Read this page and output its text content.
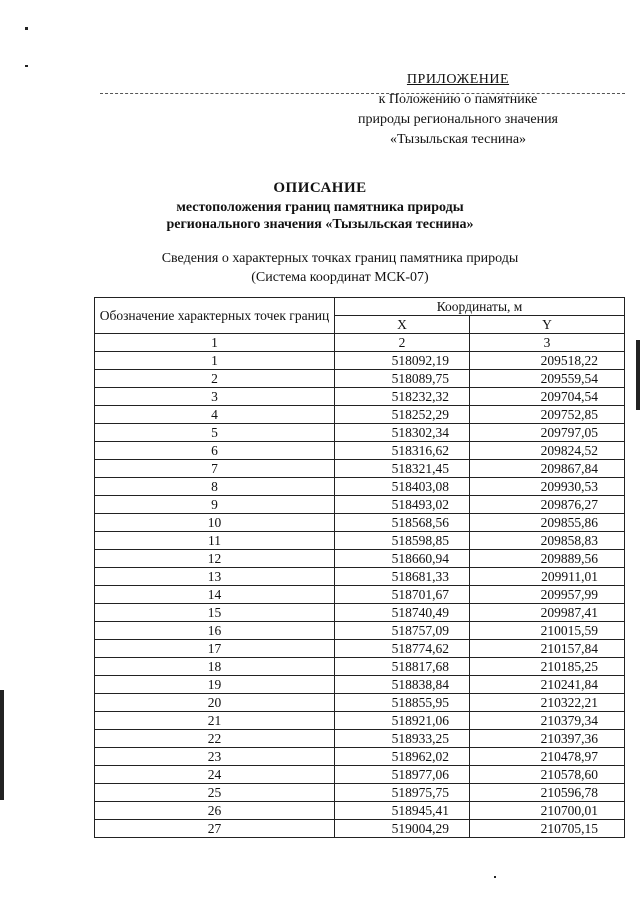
ПРИЛОЖЕНИЕ
к Положению о памятнике
природы регионального значения
«Тызыльская теснина»
ОПИСАНИЕ
местоположения границ памятника природы
регионального значения «Тызыльская теснина»
Сведения о характерных точках границ памятника природы
(Система координат МСК-07)
Обозначение характерных точек границ	Координаты, м	
	X	Y
1	2	3
1	518092,19	209518,22
2	518089,75	209559,54
3	518232,32	209704,54
4	518252,29	209752,85
5	518302,34	209797,05
6	518316,62	209824,52
7	518321,45	209867,84
8	518403,08	209930,53
9	518493,02	209876,27
10	518568,56	209855,86
11	518598,85	209858,83
12	518660,94	209889,56
13	518681,33	209911,01
14	518701,67	209957,99
15	518740,49	209987,41
16	518757,09	210015,59
17	518774,62	210157,84
18	518817,68	210185,25
19	518838,84	210241,84
20	518855,95	210322,21
21	518921,06	210379,34
22	518933,25	210397,36
23	518962,02	210478,97
24	518977,06	210578,60
25	518975,75	210596,78
26	518945,41	210700,01
27	519004,29	210705,15
